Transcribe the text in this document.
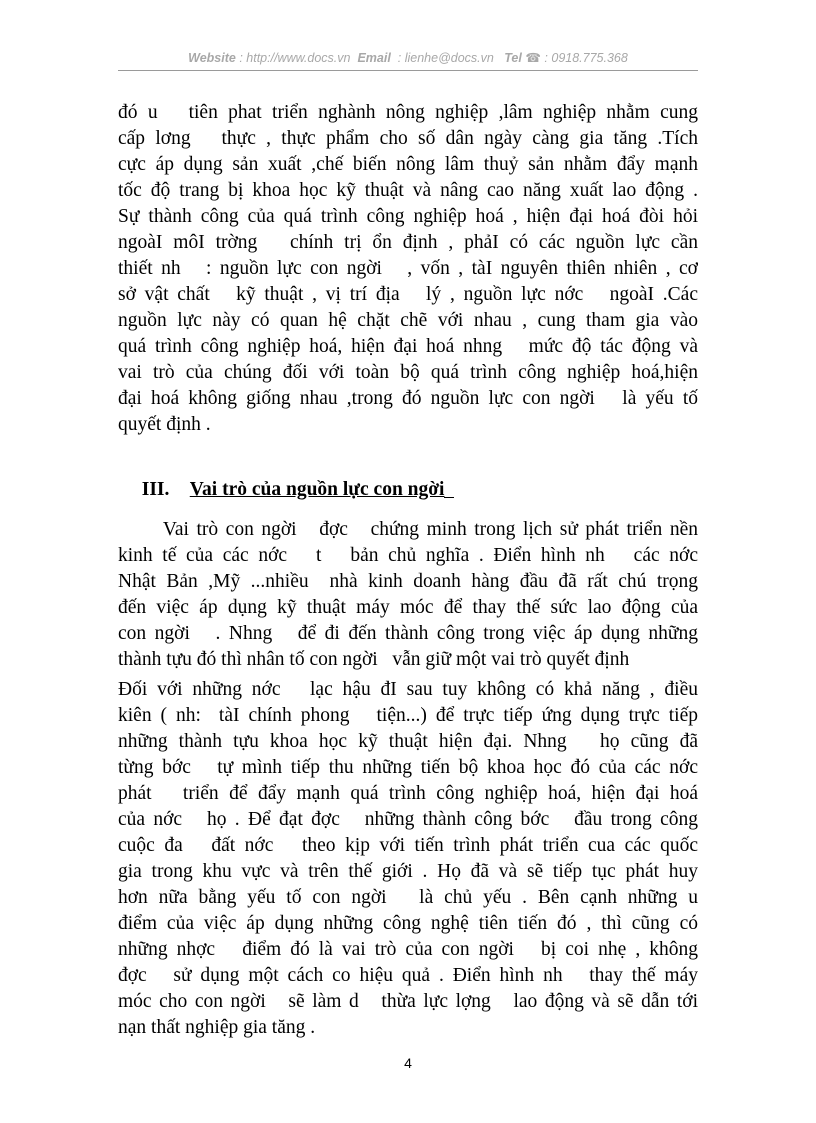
Website : http://www.docs.vn Email : lienhe@docs.vn Tel ☎ : 0918.775.368
đó u   tiên phat triển nghành nông nghiệp ,lâm nghiệp nhằm cung
cấp lơng   thực , thực phẩm cho số dân ngày càng gia tăng .Tích
cực áp dụng sản xuất ,chế biến nông lâm thuỷ sản nhằm đẩy mạnh
tốc độ trang bị khoa học kỹ thuật và nâng cao năng xuất lao động .
Sự thành công của quá trình công nghiệp hoá , hiện đại hoá đòi hỏi
ngoàI môI trờng   chính trị ổn định , phảI có các nguồn lực cần
thiết nh   : nguồn lực con ngời   , vốn , tàI nguyên thiên nhiên , cơ
sở vật chất   kỹ thuật , vị trí địa   lý , nguồn lực nớc   ngoàI .Các
nguồn lực này có quan hệ chặt chẽ với nhau , cung tham gia vào
quá trình công nghiệp hoá, hiện đại hoá nhng   mức độ tác động và
vai trò của chúng đối với toàn bộ quá trình công nghiệp hoá,hiện
đại hoá không giống nhau ,trong đó nguồn lực con ngời   là yếu tố
quyết định .

III. Vai trò của nguồn lực con ngời

Vai trò con ngời   đợc   chứng minh trong lịch sử phát triển nền
kinh tế của các nớc   t   bản chủ nghĩa . Điển hình nh   các nớc
Nhật Bản ,Mỹ ...nhiều  nhà kinh doanh hàng đầu đã rất chú trọng
đến việc áp dụng kỹ thuật máy móc để thay thế sức lao động của
con ngời   . Nhng   để đi đến thành công trong việc áp dụng những
thành tựu đó thì nhân tố con ngời   vẫn giữ một vai trò quyết định
Đối với những nớc   lạc hậu đI sau tuy không có khả năng , điều
kiên ( nh:  tàI chính phong   tiện...) để trực tiếp ứng dụng trực tiếp
những thành tựu khoa học kỹ thuật hiện đại. Nhng   họ cũng đã
từng bớc   tự mình tiếp thu những tiến bộ khoa học đó của các nớc
phát   triển để đẩy mạnh quá trình công nghiệp hoá, hiện đại hoá
của nớc   họ . Để đạt đợc   những thành công bớc   đầu trong công
cuộc đa   đất nớc   theo kịp với tiến trình phát triển cua các quốc
gia trong khu vực và trên thế giới . Họ đã và sẽ tiếp tục phát huy
hơn nữa bằng yếu tố con ngời   là chủ yếu . Bên cạnh những u
điểm của việc áp dụng những công nghệ tiên tiến đó , thì cũng có
những nhợc   điểm đó là vai trò của con ngời   bị coi nhẹ , không
đợc   sử dụng một cách co hiệu quả . Điển hình nh   thay thế máy
móc cho con ngời   sẽ làm d   thừa lực lợng   lao động và sẽ dẫn tới
nạn thất nghiệp gia tăng .
4
